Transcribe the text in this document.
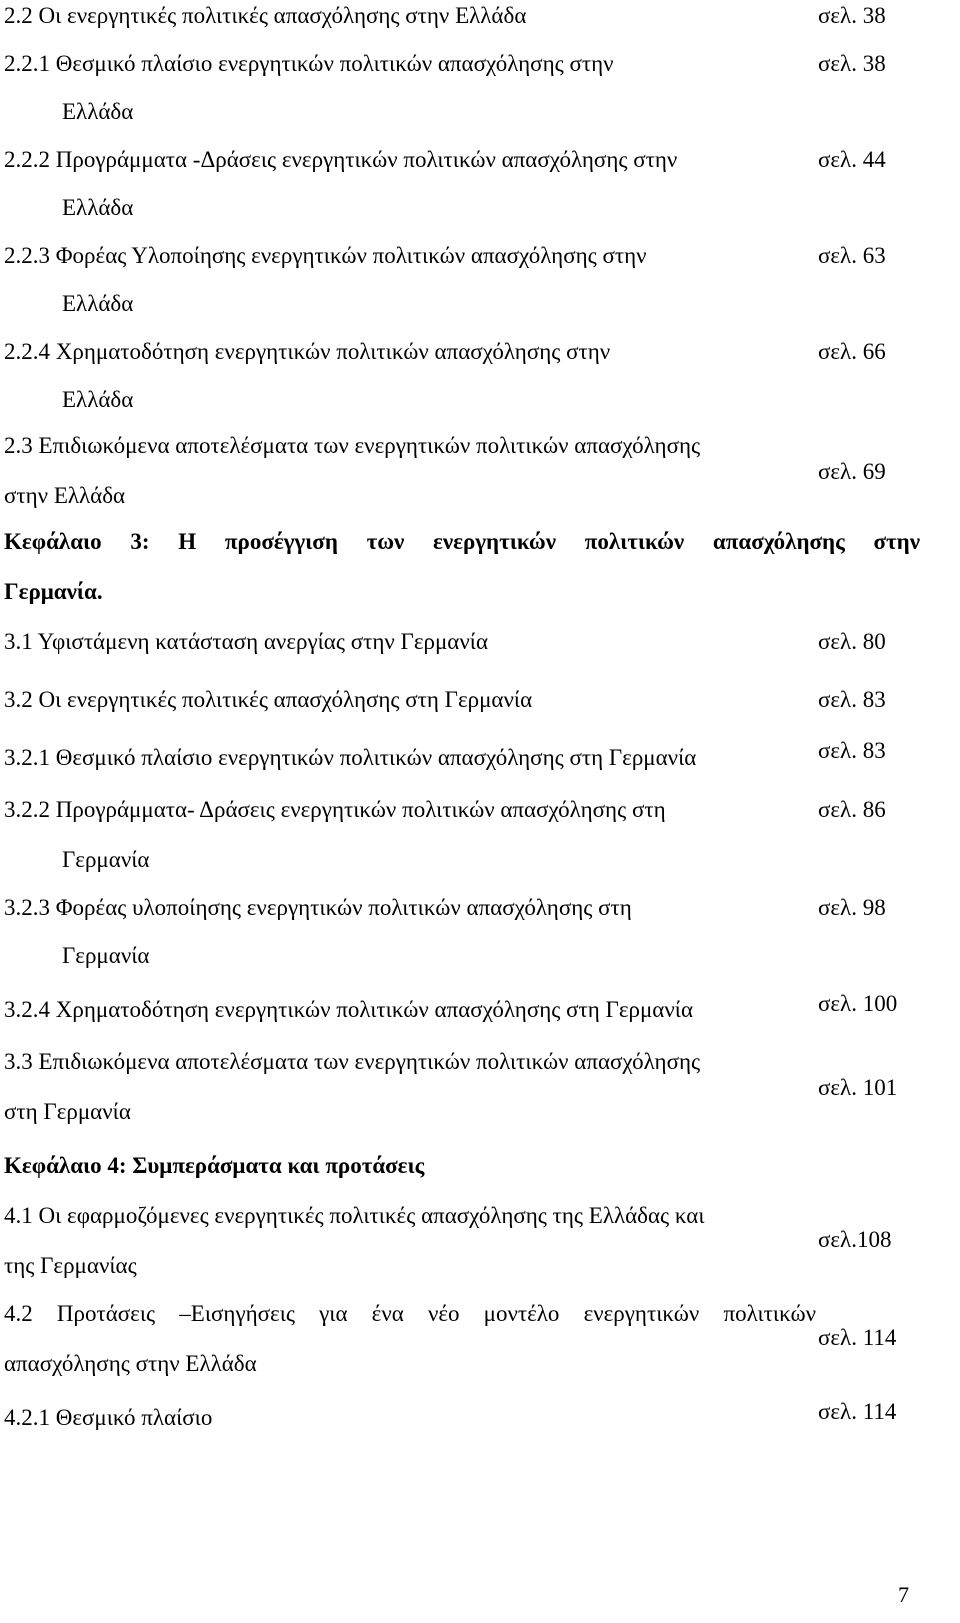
2.2 Οι ενεργητικές πολιτικές απασχόλησης στην Ελλάδα	σελ. 38
2.2.1 Θεσμικό πλαίσιο ενεργητικών πολιτικών απασχόλησης στην
Ελλάδα
σελ. 38
2.2.2 Προγράμματα -Δράσεις ενεργητικών πολιτικών απασχόλησης στην
Ελλάδα
σελ. 44
2.2.3 Φορέας Υλοποίησης ενεργητικών πολιτικών απασχόλησης στην
Ελλάδα
σελ. 63
2.2.4 Χρηματοδότηση ενεργητικών πολιτικών απασχόλησης στην
Ελλάδα
σελ. 66
2.3 Επιδιωκόμενα αποτελέσματα των ενεργητικών πολιτικών απασχόλησης
στην Ελλάδα
σελ. 69
Κεφάλαιο 3: Η προσέγγιση των ενεργητικών πολιτικών απασχόλησης στην
Γερμανία.
3.1 Υφιστάμενη κατάσταση ανεργίας στην Γερμανία	σελ. 80
3.2 Οι ενεργητικές πολιτικές απασχόλησης στη Γερμανία	σελ. 83
3.2.1 Θεσμικό πλαίσιο ενεργητικών πολιτικών απασχόλησης στη Γερμανία	σελ. 83
3.2.2 Προγράμματα- Δράσεις ενεργητικών πολιτικών απασχόλησης στη
Γερμανία
σελ. 86
3.2.3 Φορέας υλοποίησης ενεργητικών πολιτικών απασχόλησης στη
Γερμανία
σελ. 98
3.2.4 Χρηματοδότηση ενεργητικών πολιτικών απασχόλησης στη Γερμανία	σελ. 100
3.3 Επιδιωκόμενα αποτελέσματα των ενεργητικών πολιτικών απασχόλησης
στη Γερμανία
σελ. 101
Κεφάλαιο 4: Συμπεράσματα και προτάσεις
4.1 Οι εφαρμοζόμενες ενεργητικές πολιτικές απασχόλησης της Ελλάδας και
της Γερμανίας
σελ.108
4.2 Προτάσεις –Εισηγήσεις για ένα νέο μοντέλο ενεργητικών πολιτικών
απασχόλησης στην Ελλάδα
σελ. 114
4.2.1 Θεσμικό πλαίσιο	σελ. 114
7
